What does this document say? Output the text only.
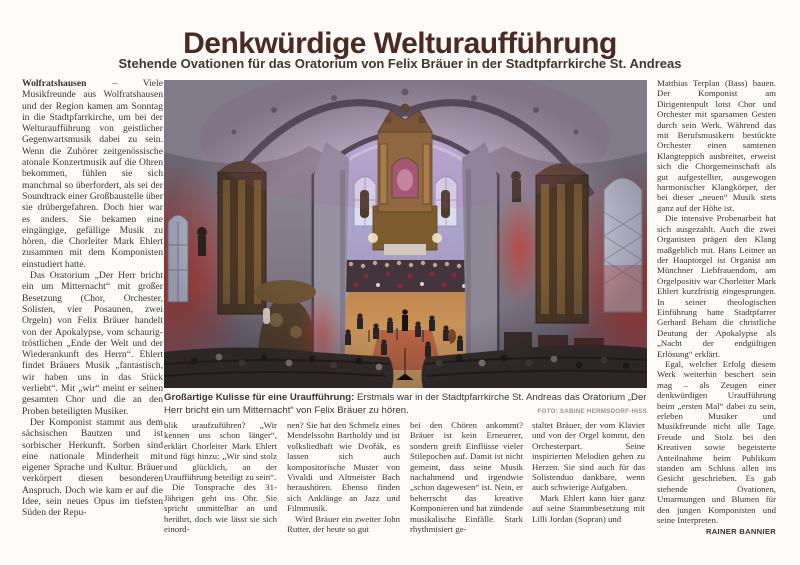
Denkwürdige Welturaufführung
Stehende Ovationen für das Oratorium von Felix Bräuer in der Stadtpfarrkirche St. Andreas

Wolfratshausen	– Viele Musikfreunde aus Wolfratshausen und der Region kamen am Sonntag in die Stadtpfarrkirche, um bei der Welturaufführung von geistlicher Gegenwartsmusik dabei zu sein. Wenn die Zuhörer zeitgenössische atonale Konzertmusik auf die Ohren bekommen, fühlen sie sich manchmal so überfordert, als sei der Soundtrack einer Großbaustelle über sie drübergefahren. Doch hier war es anders. Sie bekamen eine eingängige, gefällige Musik zu hören, die Chorleiter Mark Ehlert zusammen mit dem Komponisten einstudiert hatte.

Das Oratorium „Der Herr bricht ein um Mitternacht“ mit großer Besetzung (Chor, Orchester, Solisten, vier Posaunen, zwei Orgeln) von Felix Bräuer handelt von der Apokalypse, vom schaurig-tröstlichen „Ende der Welt und der Wiederankunft des Herrn“. Ehlert findet Bräuers Musik „fantastisch, wir haben uns in das Stück verliebt“. Mit „wir“ meint er seinen gesamten Chor und die an den Proben beteiligten Musiker.

Der Komponist stammt aus dem sächsischen Bautzen und ist sorbischer Herkunft. Sorben sind eine nationale Minderheit mit eigener Sprache und Kultur. Bräuer verkörpert diesen besonderen Anspruch. Doch wie kam er auf die Idee, sein neues Opus im tiefsten Süden der Repu-

Großartige Kulisse für eine Uraufführung: Erstmals war in der Stadtpfarrkirche St. Andreas das Oratorium „Der Herr bricht ein um Mitternacht“ von Felix Bräuer zu hören.	FOTO: SABINE HERMSDORF-HISS

blik uraufzuführen? „Wir kennen uns schon länger“, erklärt Chorleiter Mark Ehlert und fügt hinzu: „Wir sind stolz und glücklich, an der Uraufführung beteiligt zu sein“.

Die Tonsprache des 31-Jährigen geht ins Ohr. Sie spricht unmittelbar an und berührt, doch wie lässt sie sich einord-

nen? Sie hat den Schmelz eines Mendelssohn Bartholdy und ist volksliedhaft wie Dvořák, es lassen sich auch kompositorische Muster von Vivaldi und Altmeister Bach heraushören. Ebenso finden sich Anklänge an Jazz und Filmmusik.

Wird Bräuer ein zweiter John Rutter, der heute so gut

bei den Chören ankommt? Bräuer ist kein Erneuerer, sondern greift Einflüsse vieler Stilepochen auf. Damit ist nicht gemeint, dass seine Musik nachahmend und irgendwie „schon dagewesen“ ist. Nein, er beherrscht das kreative Komponieren und hat zündende musikalische Einfälle. Stark rhythmisiert ge-

staltet Bräuer, der vom Klavier und von der Orgel kommt, den Orchesterpart. Seine inspirierten Melodien gehen zu Herzen. Sie sind auch für das Solistenduo dankbare, wenn auch schwierige Aufgaben.

Mark Ehlert kann hier ganz auf seine Stammbesetzung mit Lilli Jordan (Sopran) und

Matthias Terplan (Bass) bauen. Der Komponist am Dirigentenpult lotst Chor und Orchester mit sparsamen Gesten durch sein Werk. Während das mit Berufsmusikern bestückte Orchester einen samtenen Klangteppich ausbreitet, erweist sich die Chorgemeinschaft als gut aufgestellter, ausgewogen harmonischer Klangkörper, der bei dieser „neuen“ Musik stets ganz auf der Höhe ist.

Die intensive Probenarbeit hat sich ausgezahlt. Auch die zwei Organisten prägen den Klang maßgeblich mit. Hans Leitner an der Hauptorgel ist Organist am Münchner Liebfrauendom, am Orgelpositiv war Chorleiter Mark Ehlert kurzfristig eingesprungen. In seiner theologischen Einführung hatte Stadtpfarrer Gerhard Beham die christliche Deutung der Apokalypse als „Nacht der endgültigen Erlösung“ erklärt.

Egal, welcher Erfolg diesem Werk weiterhin beschert sein mag – als Zeugen einer denkwürdigen Uraufführung beim „ersten Mal“ dabei zu sein, erleben Musiker und Musikfreunde nicht alle Tage. Freude und Stolz bei den Kreativen sowie begeisterte Anteilnahme beim Publikum standen am Schluss allen ins Gesicht geschrieben. Es gab stehende Ovationen, Umarmungen und Blumen für den jungen Komponisten und seine Interpreten.
RAINER BANNIER
